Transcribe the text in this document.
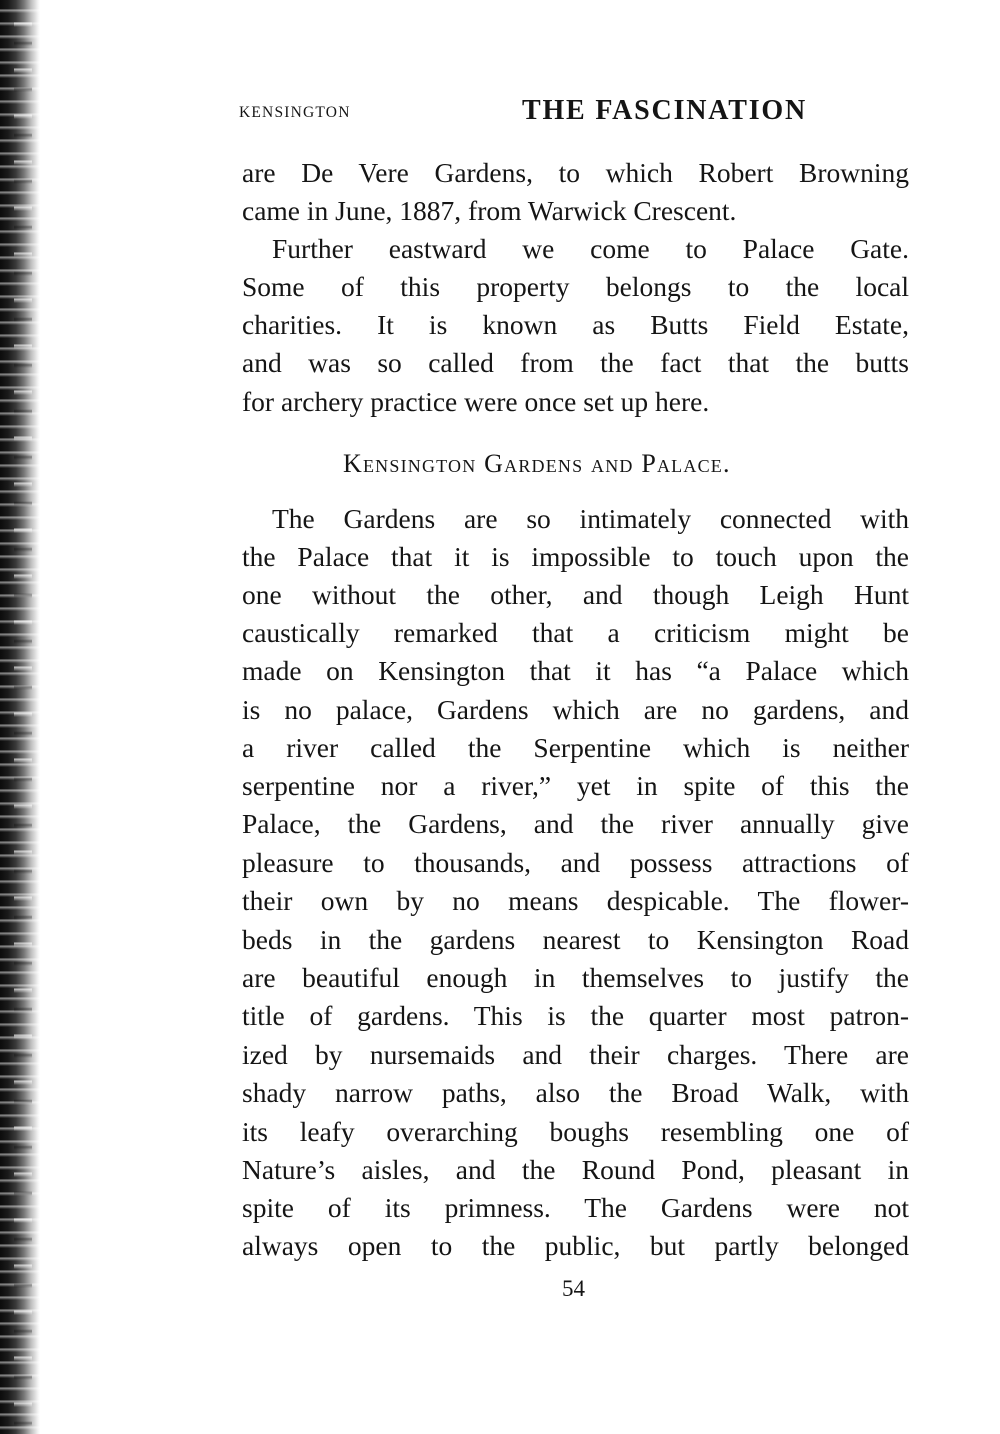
KENSINGTON	THE FASCINATION
are De Vere Gardens, to which Robert Browning
came in June, 1887, from Warwick Crescent.
Further eastward we come to Palace Gate.
Some of this property belongs to the local
charities. It is known as Butts Field Estate,
and was so called from the fact that the butts
for archery practice were once set up here.
Kensington Gardens and Palace.
The Gardens are so intimately connected with
the Palace that it is impossible to touch upon the
one without the other, and though Leigh Hunt
caustically remarked that a criticism might be
made on Kensington that it has “a Palace which
is no palace, Gardens which are no gardens, and
a river called the Serpentine which is neither
serpentine nor a river,” yet in spite of this the
Palace, the Gardens, and the river annually give
pleasure to thousands, and possess attractions of
their own by no means despicable. The flower-
beds in the gardens nearest to Kensington Road
are beautiful enough in themselves to justify the
title of gardens. This is the quarter most patron-
ized by nursemaids and their charges. There are
shady narrow paths, also the Broad Walk, with
its leafy overarching boughs resembling one of
Nature’s aisles, and the Round Pond, pleasant in
spite of its primness. The Gardens were not
always open to the public, but partly belonged
54
